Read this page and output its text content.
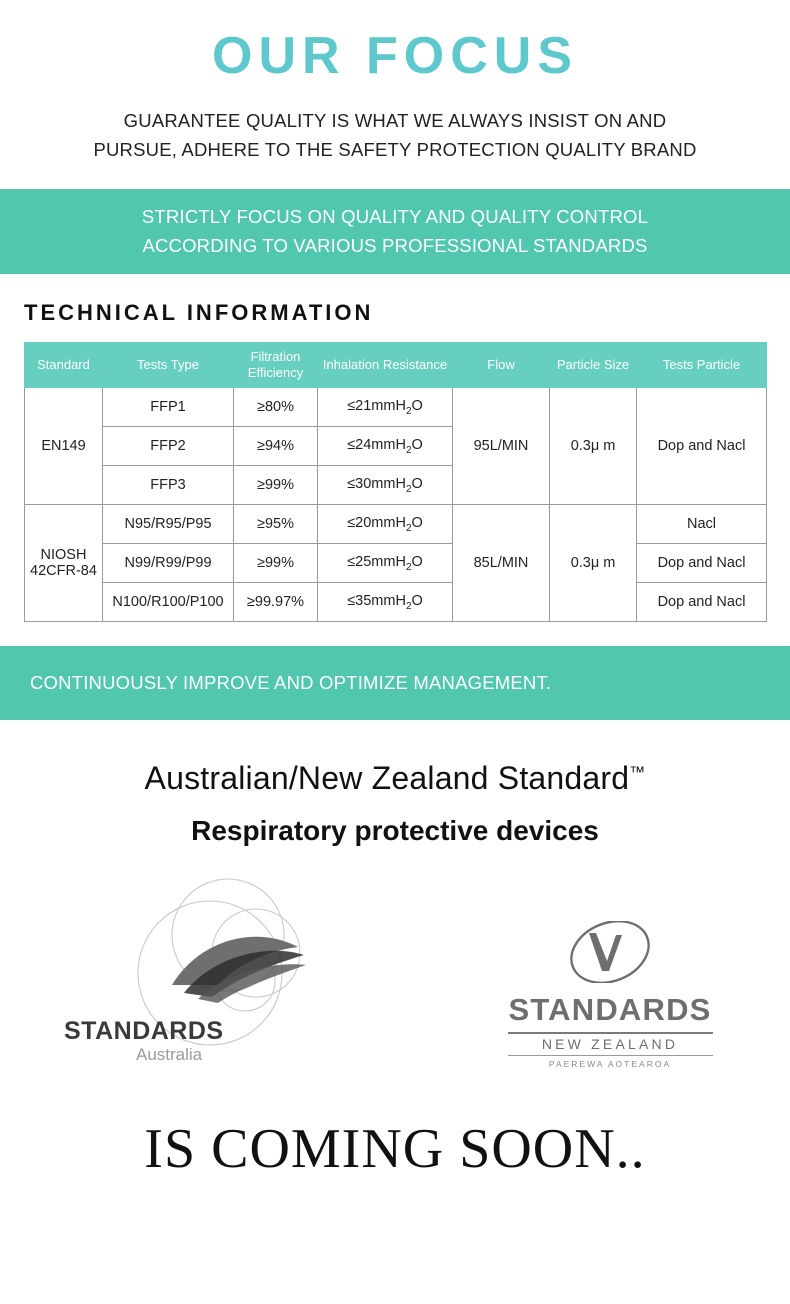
OUR FOCUS
GUARANTEE QUALITY IS WHAT WE ALWAYS INSIST ON AND
PURSUE, ADHERE TO THE SAFETY PROTECTION QUALITY BRAND
STRICTLY FOCUS ON QUALITY AND QUALITY CONTROL
ACCORDING TO VARIOUS PROFESSIONAL STANDARDS
TECHNICAL INFORMATION
Standard	Tests Type	Filtration Efficiency	Inhalation Resistance	Flow	Particle Size	Tests Particle
EN149	FFP1	≥80%	≤21mmH$_2$O	95L/MIN	0.3μ m	Dop and Nacl
	FFP2	≥94%	≤24mmH$_2$O			
	FFP3	≥99%	≤30mmH$_2$O			
NIOSH 42CFR-84	N95/R95/P95	≥95%	≤20mmH$_2$O	85L/MIN	0.3μ m	Nacl
	N99/R99/P99	≥99%	≤25mmH$_2$O			Dop and Nacl
	N100/R100/P100	≥99.97%	≤35mmH$_2$O			Dop and Nacl
CONTINUOUSLY IMPROVE AND OPTIMIZE MANAGEMENT.
Australian/New Zealand Standard™
Respiratory protective devices
STANDARDS
Australia
STANDARDS
NEW ZEALAND
PAEREWA AOTEAROA
IS COMING SOON..
